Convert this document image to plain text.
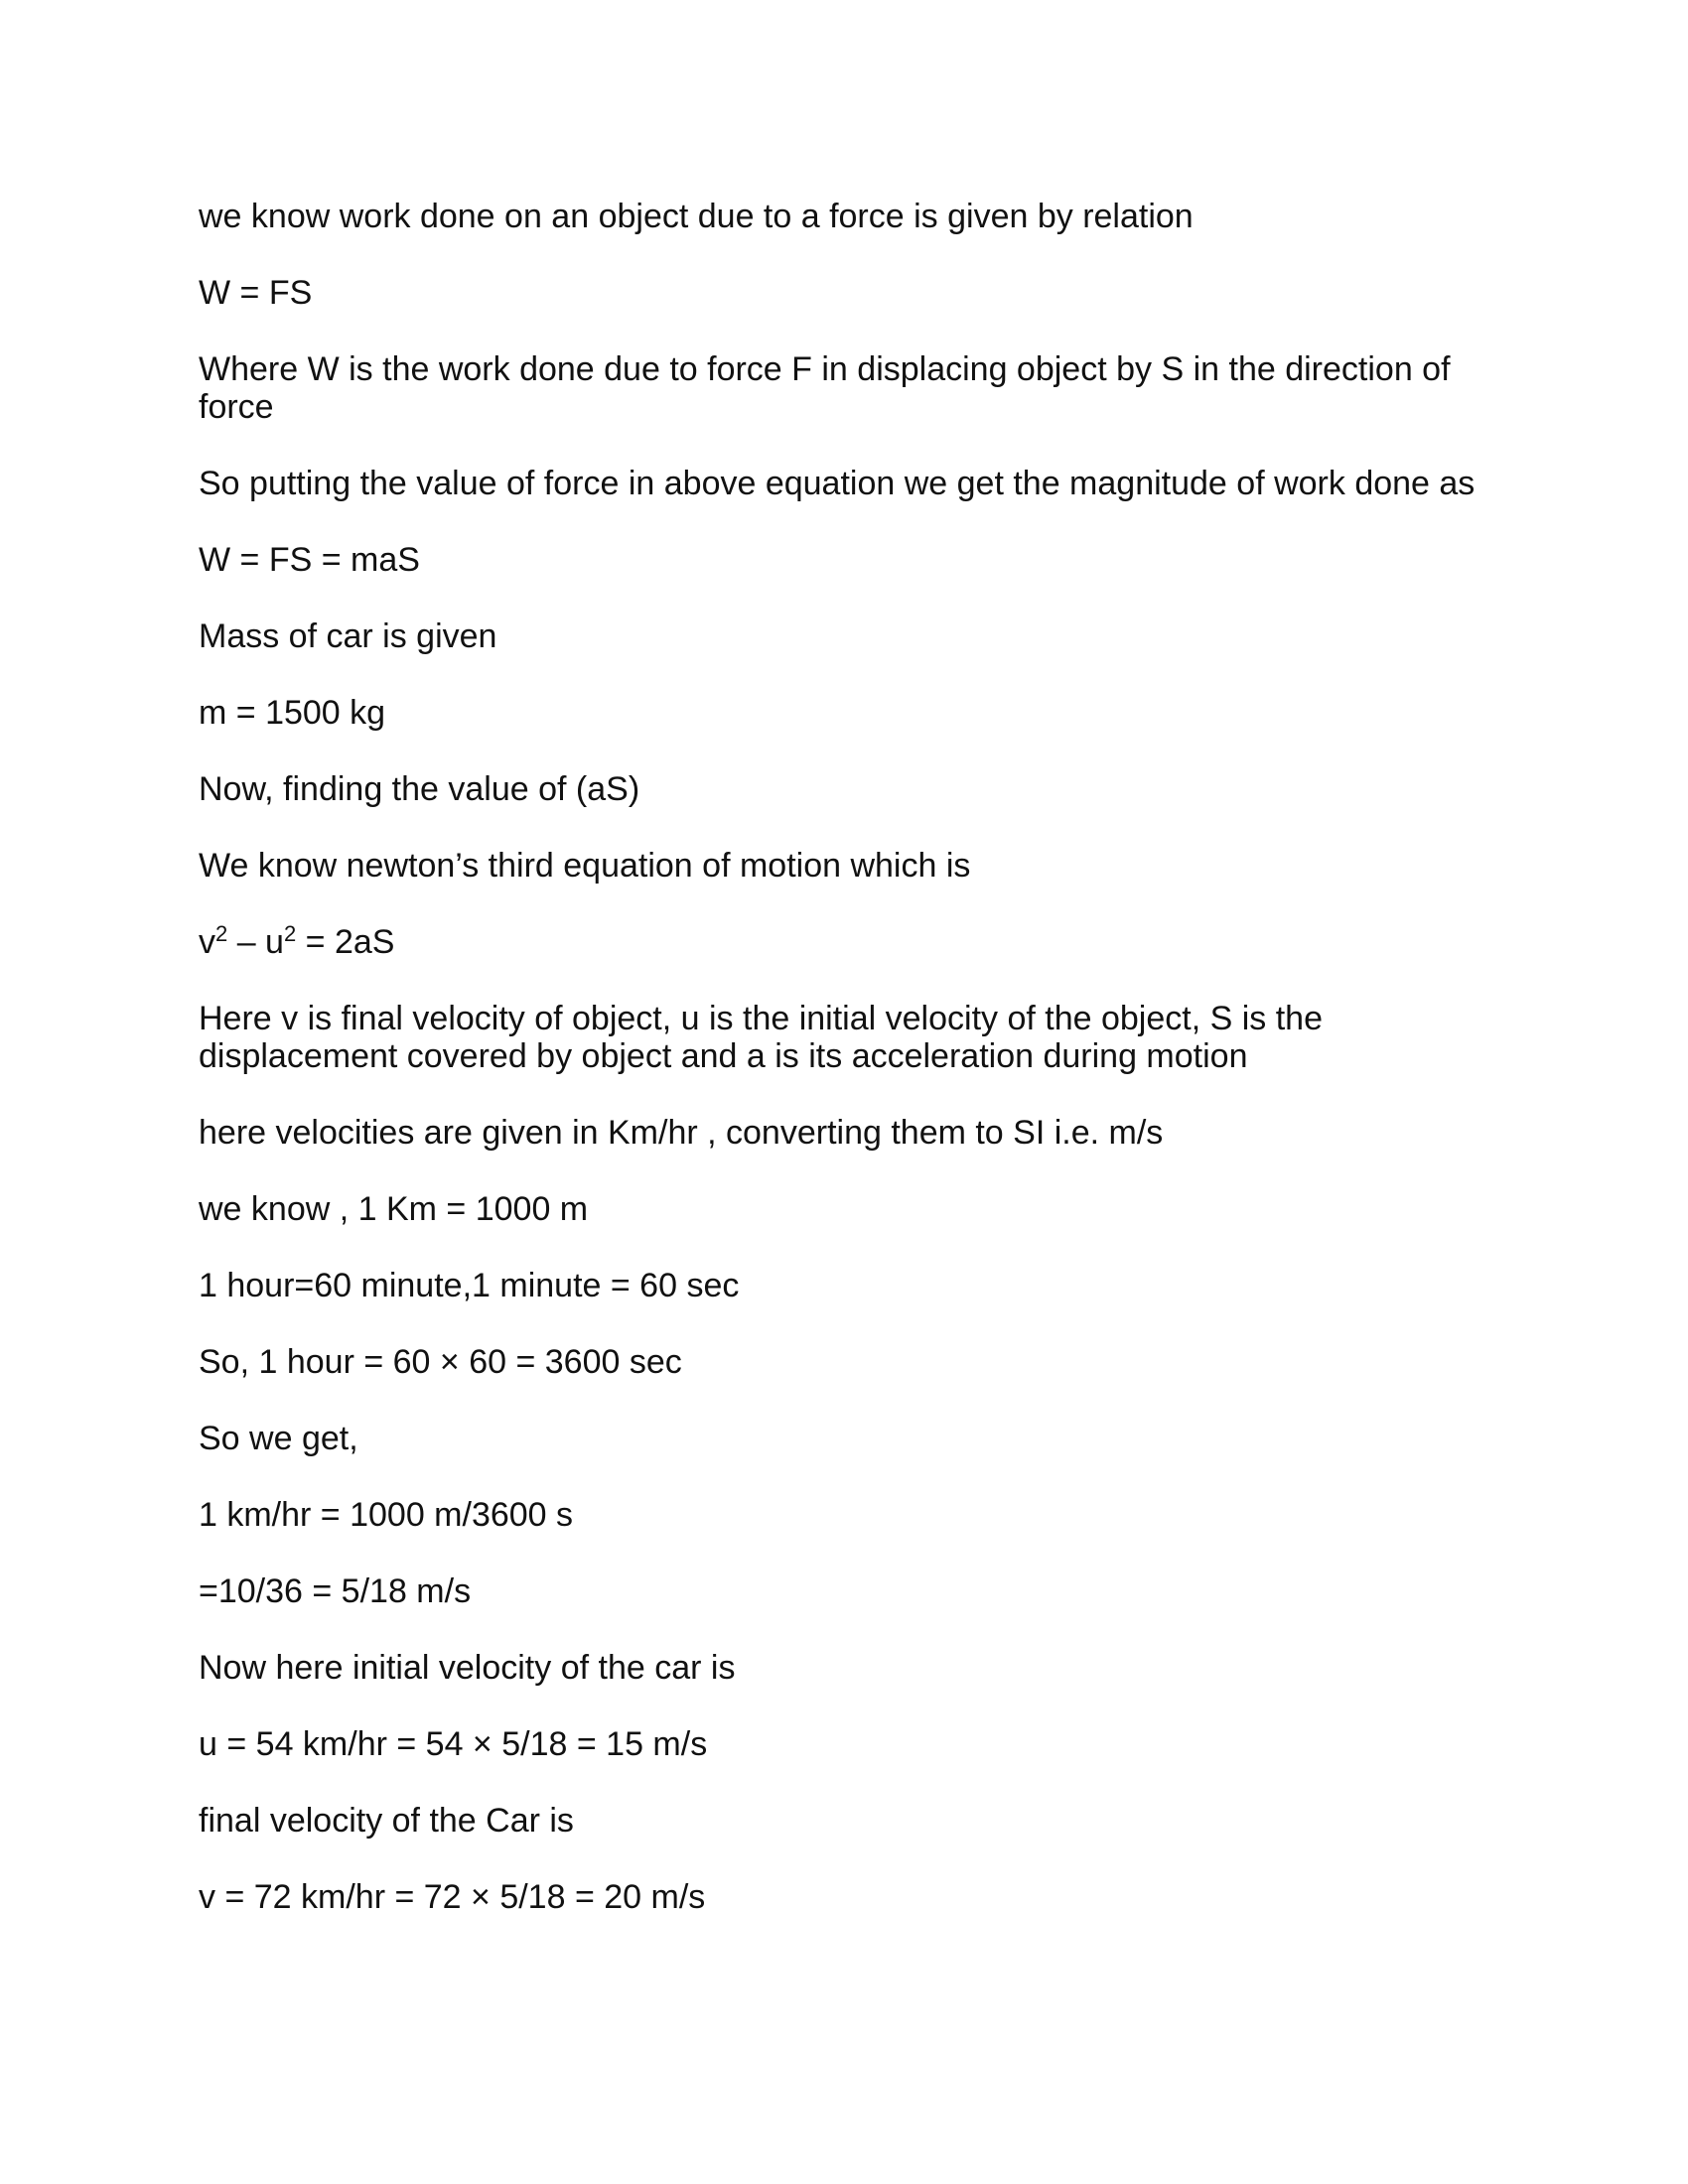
we know work done on an object due to a force is given by relation

W = FS

Where W is the work done due to force F in displacing object by S in the direction of force

So putting the value of force in above equation we get the magnitude of work done as

W = FS = maS

Mass of car is given

m = 1500 kg

Now, finding the value of (aS)

We know newton’s third equation of motion which is

$v^2 - u^2 = 2aS$

Here v is final velocity of object, u is the initial velocity of the object, S is the displacement covered by object and a is its acceleration during motion

here velocities are given in Km/hr , converting them to SI i.e. m/s

we know , 1 Km = 1000 m

1 hour=60 minute,1 minute = 60 sec

So, 1 hour = 60 × 60 = 3600 sec

So we get,

1 km/hr = 1000 m/3600 s

=10/36 = 5/18 m/s

Now here initial velocity of the car is

u = 54 km/hr = 54 × 5/18 = 15 m/s

final velocity of the Car is

v = 72 km/hr = 72 × 5/18 = 20 m/s
